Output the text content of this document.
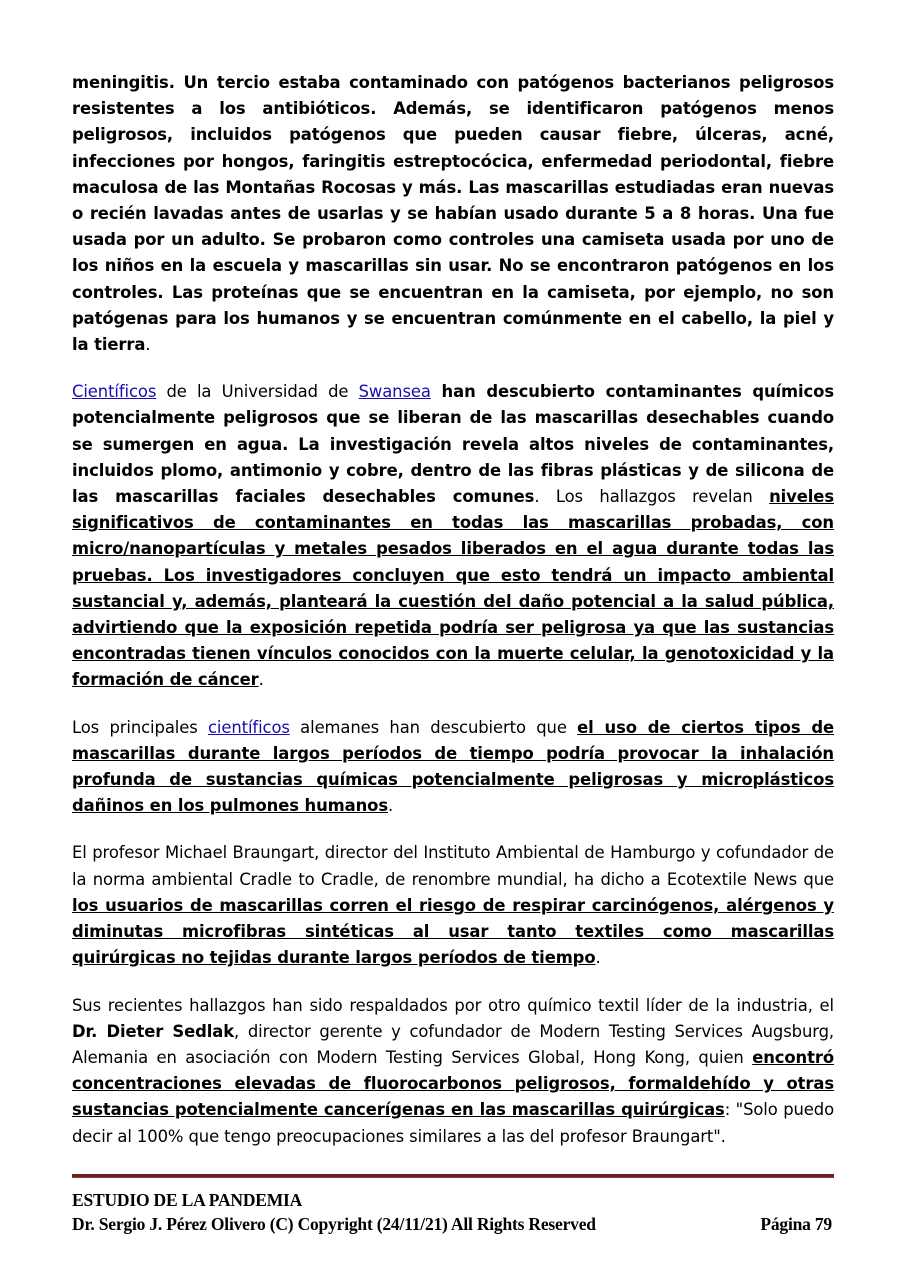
meningitis. Un tercio estaba contaminado con patógenos bacterianos peligrosos resistentes a los antibióticos. Además, se identificaron patógenos menos peligrosos, incluidos patógenos que pueden causar fiebre, úlceras, acné, infecciones por hongos, faringitis estreptocócica, enfermedad periodontal, fiebre maculosa de las Montañas Rocosas y más. Las mascarillas estudiadas eran nuevas o recién lavadas antes de usarlas y se habían usado durante 5 a 8 horas. Una fue usada por un adulto. Se probaron como controles una camiseta usada por uno de los niños en la escuela y mascarillas sin usar. No se encontraron patógenos en los controles. Las proteínas que se encuentran en la camiseta, por ejemplo, no son patógenas para los humanos y se encuentran comúnmente en el cabello, la piel y la tierra.

Científicos de la Universidad de Swansea han descubierto contaminantes químicos potencialmente peligrosos que se liberan de las mascarillas desechables cuando se sumergen en agua. La investigación revela altos niveles de contaminantes, incluidos plomo, antimonio y cobre, dentro de las fibras plásticas y de silicona de las mascarillas faciales desechables comunes. Los hallazgos revelan niveles significativos de contaminantes en todas las mascarillas probadas, con micro/nanopartículas y metales pesados liberados en el agua durante todas las pruebas. Los investigadores concluyen que esto tendrá un impacto ambiental sustancial y, además, planteará la cuestión del daño potencial a la salud pública, advirtiendo que la exposición repetida podría ser peligrosa ya que las sustancias encontradas tienen vínculos conocidos con la muerte celular, la genotoxicidad y la formación de cáncer.

Los principales científicos alemanes han descubierto que el uso de ciertos tipos de mascarillas durante largos períodos de tiempo podría provocar la inhalación profunda de sustancias químicas potencialmente peligrosas y microplásticos dañinos en los pulmones humanos.

El profesor Michael Braungart, director del Instituto Ambiental de Hamburgo y cofundador de la norma ambiental Cradle to Cradle, de renombre mundial, ha dicho a Ecotextile News que los usuarios de mascarillas corren el riesgo de respirar carcinógenos, alérgenos y diminutas microfibras sintéticas al usar tanto textiles como mascarillas quirúrgicas no tejidas durante largos períodos de tiempo.

Sus recientes hallazgos han sido respaldados por otro químico textil líder de la industria, el Dr. Dieter Sedlak, director gerente y cofundador de Modern Testing Services Augsburg, Alemania en asociación con Modern Testing Services Global, Hong Kong, quien encontró concentraciones elevadas de fluorocarbonos peligrosos, formaldehído y otras sustancias potencialmente cancerígenas en las mascarillas quirúrgicas: "Solo puedo decir al 100% que tengo preocupaciones similares a las del profesor Braungart".

ESTUDIO DE LA PANDEMIA
Dr. Sergio J. Pérez Olivero (C) Copyright (24/11/21) All Rights Reserved	Página 79
